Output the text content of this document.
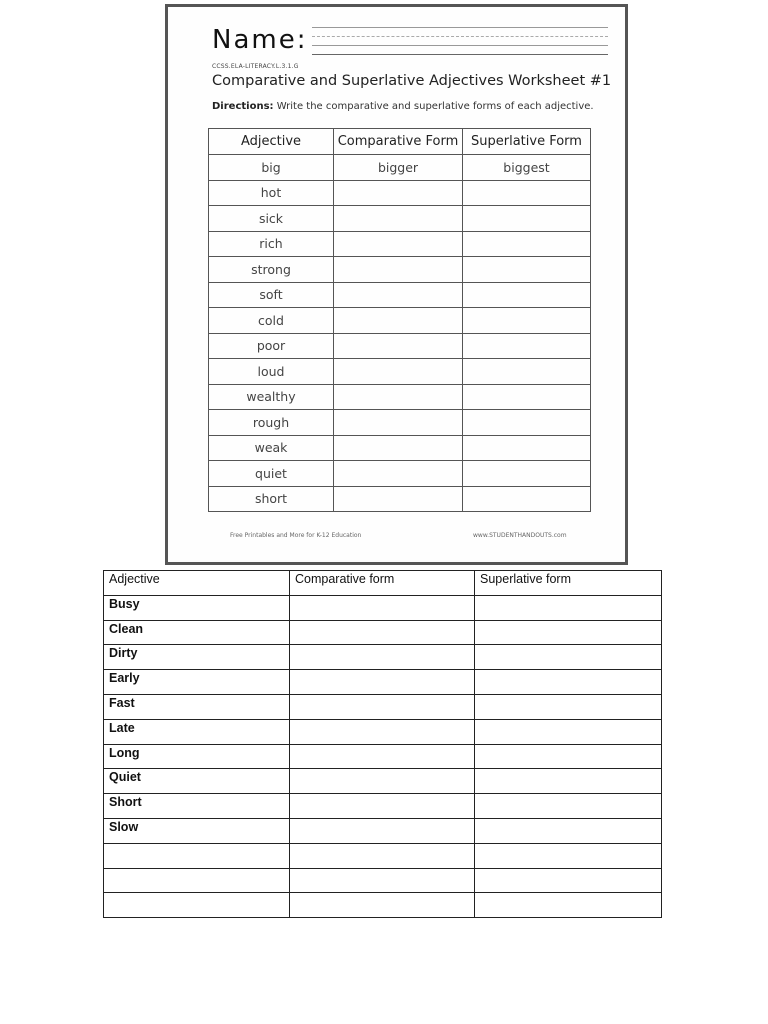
Name:
CCSS.ELA-LITERACY.L.3.1.G
Comparative and Superlative Adjectives Worksheet #1
Directions: Write the comparative and superlative forms of each adjective.
Adjective	Comparative Form	Superlative Form
big	bigger	biggest
hot		
sick		
rich		
strong		
soft		
cold		
poor		
loud		
wealthy		
rough		
weak		
quiet		
short		
Free Printables and More for K-12 Education	www.STUDENTHANDOUTS.com
Adjective	Comparative form	Superlative form
Busy		
Clean		
Dirty		
Early		
Fast		
Late		
Long		
Quiet		
Short		
Slow		
